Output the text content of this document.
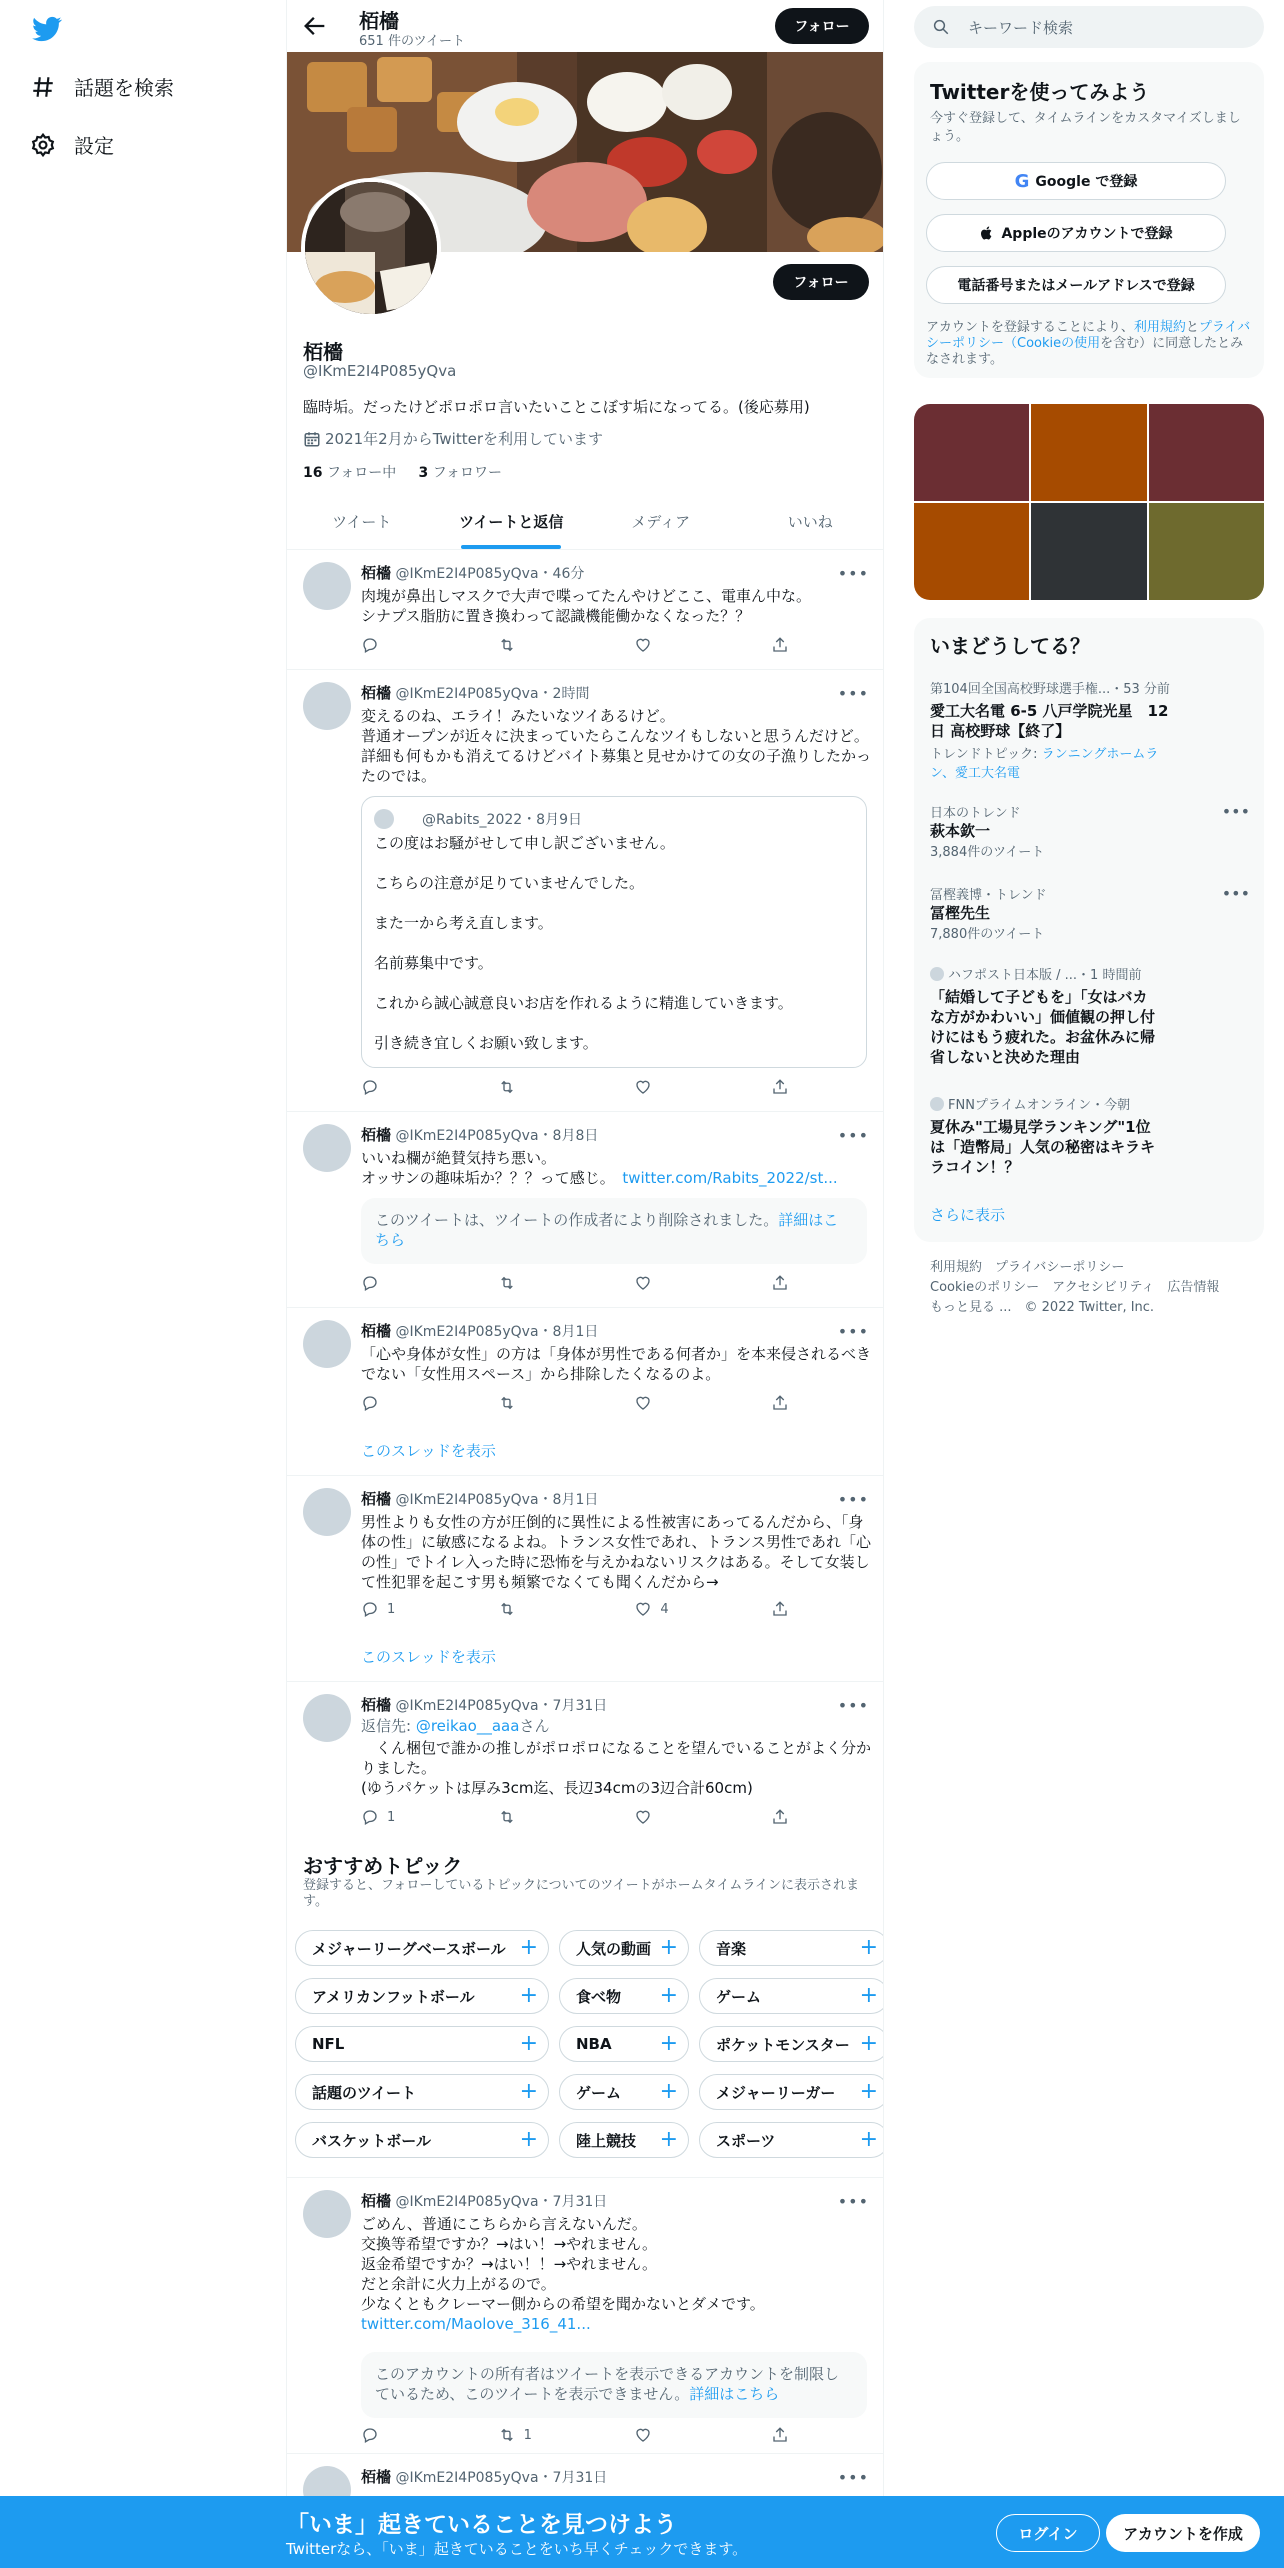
話題を検索
設定
栢檣
651 件のツイート
フォロー
フォロー
栢檣
@IKmE2I4P085yQva
臨時垢。だったけどポロポロ言いたいことこぼす垢になってる。(後応募用)
2021年2月からTwitterを利用しています
16 フォロー中 3 フォロワー
ツイート	ツイートと返信	メディア	いいね
栢檣 @IKmE2I4P085yQva・46分	•••
肉塊が鼻出しマスクで大声で喋ってたんやけどここ、電車ん中な。
シナプス脂肪に置き換わって認識機能働かなくなった？？
栢檣 @IKmE2I4P085yQva・2時間	•••
変えるのね、エライ！みたいなツイあるけど。
普通オープンが近々に決まっていたらこんなツイもしないと思うんだけど。詳細も何もかも消えてるけどバイト募集と見せかけての女の子漁りしたかったのでは。
@Rabits_2022・8月9日
この度はお騒がせして申し訳ございません。

こちらの注意が足りていませんでした。

また一から考え直します。

名前募集中です。

これから誠心誠意良いお店を作れるように精進していきます。

引き続き宜しくお願い致します。
栢檣 @IKmE2I4P085yQva・8月8日	•••
いいね欄が絶賛気持ち悪い。
オッサンの趣味垢か？？？って感じ。　 twitter.com/Rabits_2022/st...
このツイートは、ツイートの作成者により削除されました。詳細はこちら
栢檣 @IKmE2I4P085yQva・8月1日	•••
「心や身体が女性」の方は「身体が男性である何者か」を本来侵されるべきでない「女性用スペース」から排除したくなるのよ。
このスレッドを表示
栢檣 @IKmE2I4P085yQva・8月1日	•••
男性よりも女性の方が圧倒的に異性による性被害にあってるんだから、「身体の性」に敏感になるよね。トランス女性であれ、トランス男性であれ「心の性」でトイレ入った時に恐怖を与えかねないリスクはある。そして女装して性犯罪を起こす男も頻繁でなくても聞くんだから→
1	4
このスレッドを表示
栢檣 @IKmE2I4P085yQva・7月31日	•••
返信先: @reikao__aaaさん
　くん梱包で誰かの推しがポロポロになることを望んでいることがよく分かりました。
(ゆうパケットは厚み3cm迄、長辺34cmの3辺合計60cm)
1
おすすめトピック
登録すると、フォローしているトピックについてのツイートがホームタイムラインに表示されます。
メジャーリーグベースボール +	人気の動画 +	音楽	+
アメリカンフットボール +	食べ物 +	ゲーム	+
NFL	+	NBA +	ポケットモンスター +
話題のツイート	+	ゲーム +	メジャーリーガー +
バスケットボール	+	陸上競技 +	スポーツ	+
栢檣 @IKmE2I4P085yQva・7月31日	•••
ごめん、普通にこちらから言えないんだ。
交換等希望ですか？→はい！→やれません。
返金希望ですか？→はい！！→やれません。
だと余計に火力上がるので。
少なくともクレーマー側からの希望を聞かないとダメです。
twitter.com/Maolove_316_41...
このアカウントの所有者はツイートを表示できるアカウントを制限しているため、このツイートを表示できません。詳細はこちら
1
栢檣 @IKmE2I4P085yQva・7月31日	•••
キーワード検索
Twitterを使ってみよう
今すぐ登録して、タイムラインをカスタマイズしましょう。
G Google で登録
Appleのアカウントで登録
電話番号またはメールアドレスで登録
アカウントを登録することにより、利用規約とプライバシーポリシー（Cookieの使用を含む）に同意したとみなされます。
いまどうしてる？
第104回全国高校野球選手権...・53 分前
愛工大名電 6-5 八戸学院光星　12日 高校野球【終了】
トレンドトピック: ランニングホームラン、愛工大名電
日本のトレンド
萩本欽一
3,884件のツイート
•••
冨樫義博・トレンド
冨樫先生
7,880件のツイート
•••
ハフポスト日本版 / ...・1 時間前
「結婚して子どもを」「女はバカな方がかわいい」価値観の押し付けにはもう疲れた。お盆休みに帰省しないと決めた理由
FNNプライムオンライン・今朝
夏休み"工場見学ランキング"1位は「造幣局」人気の秘密はキラキラコイン！？
さらに表示
利用規約　プライバシーポリシー
Cookieのポリシー　アクセシビリティ　広告情報
もっと見る ...　© 2022 Twitter, Inc.
「いま」起きていることを見つけよう
Twitterなら、「いま」起きていることをいち早くチェックできます。
ログイン	アカウントを作成
